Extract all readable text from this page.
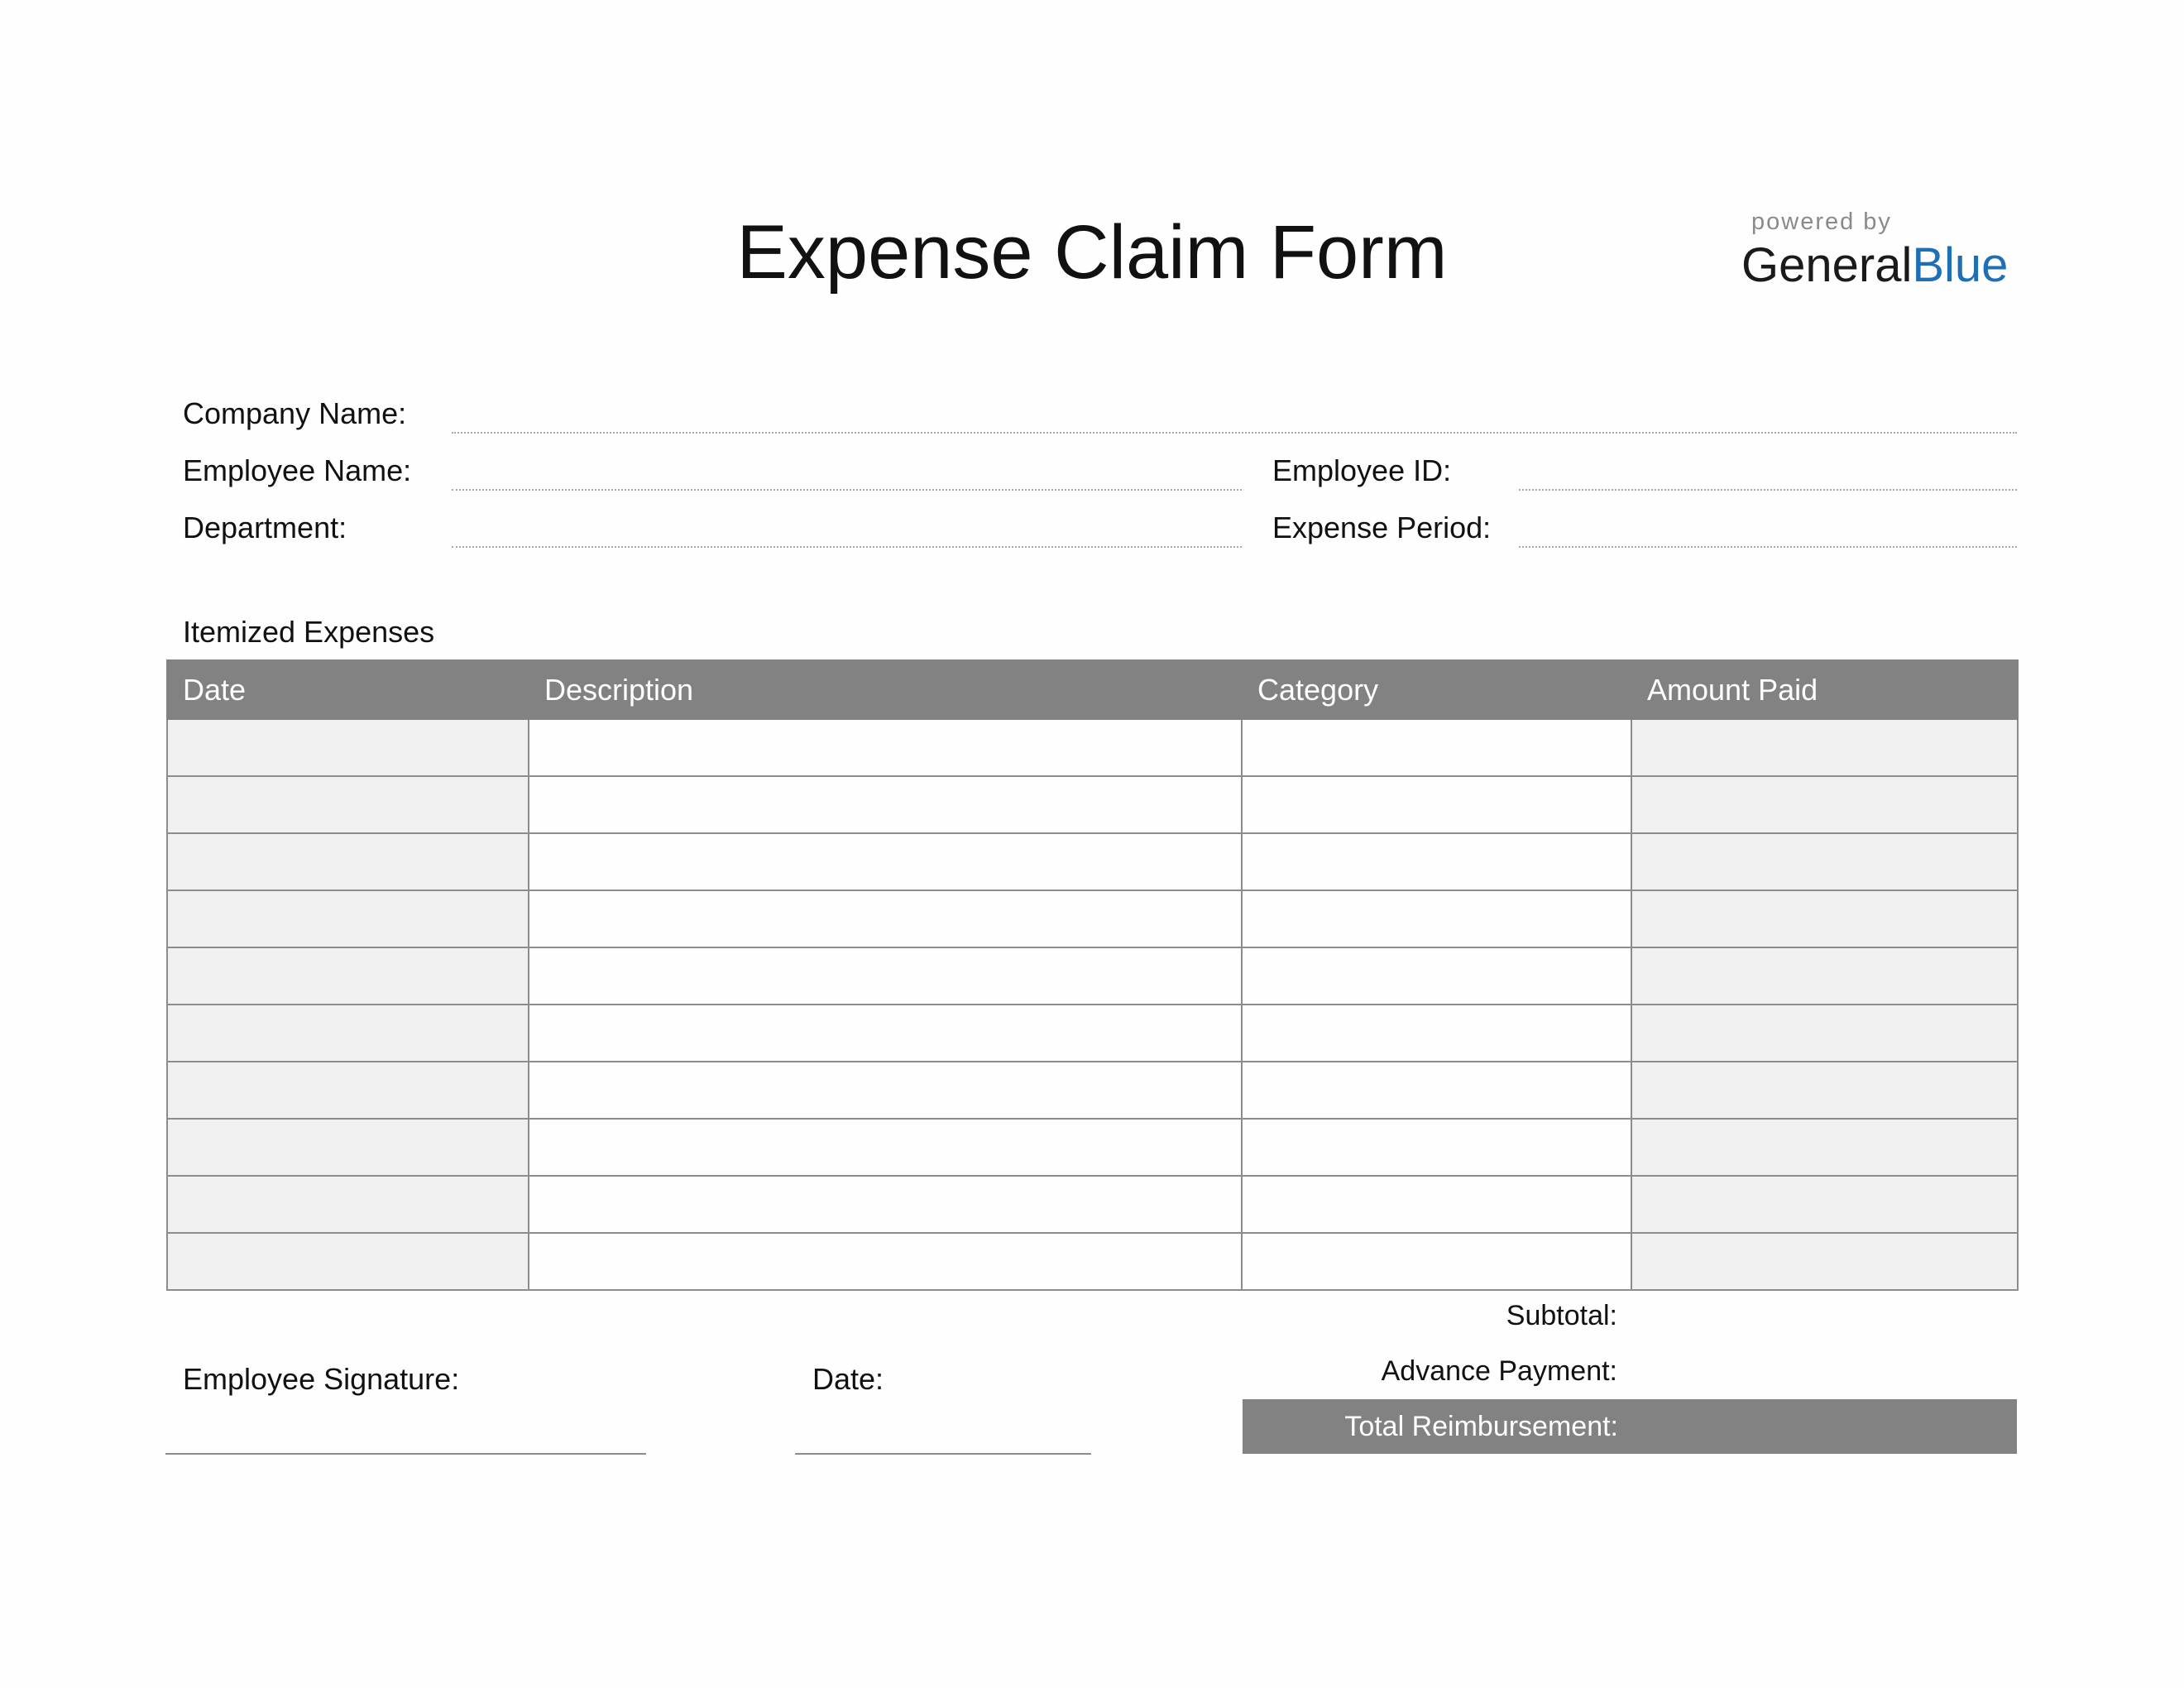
Expense Claim Form	powered by
GeneralBlue
Company Name:
Employee Name:	Employee ID:
Department:	Expense Period:
Itemized Expenses
Date	Description	Category	Amount Paid

Subtotal:
Advance Payment:
Total Reimbursement:
Employee Signature:	Date:
